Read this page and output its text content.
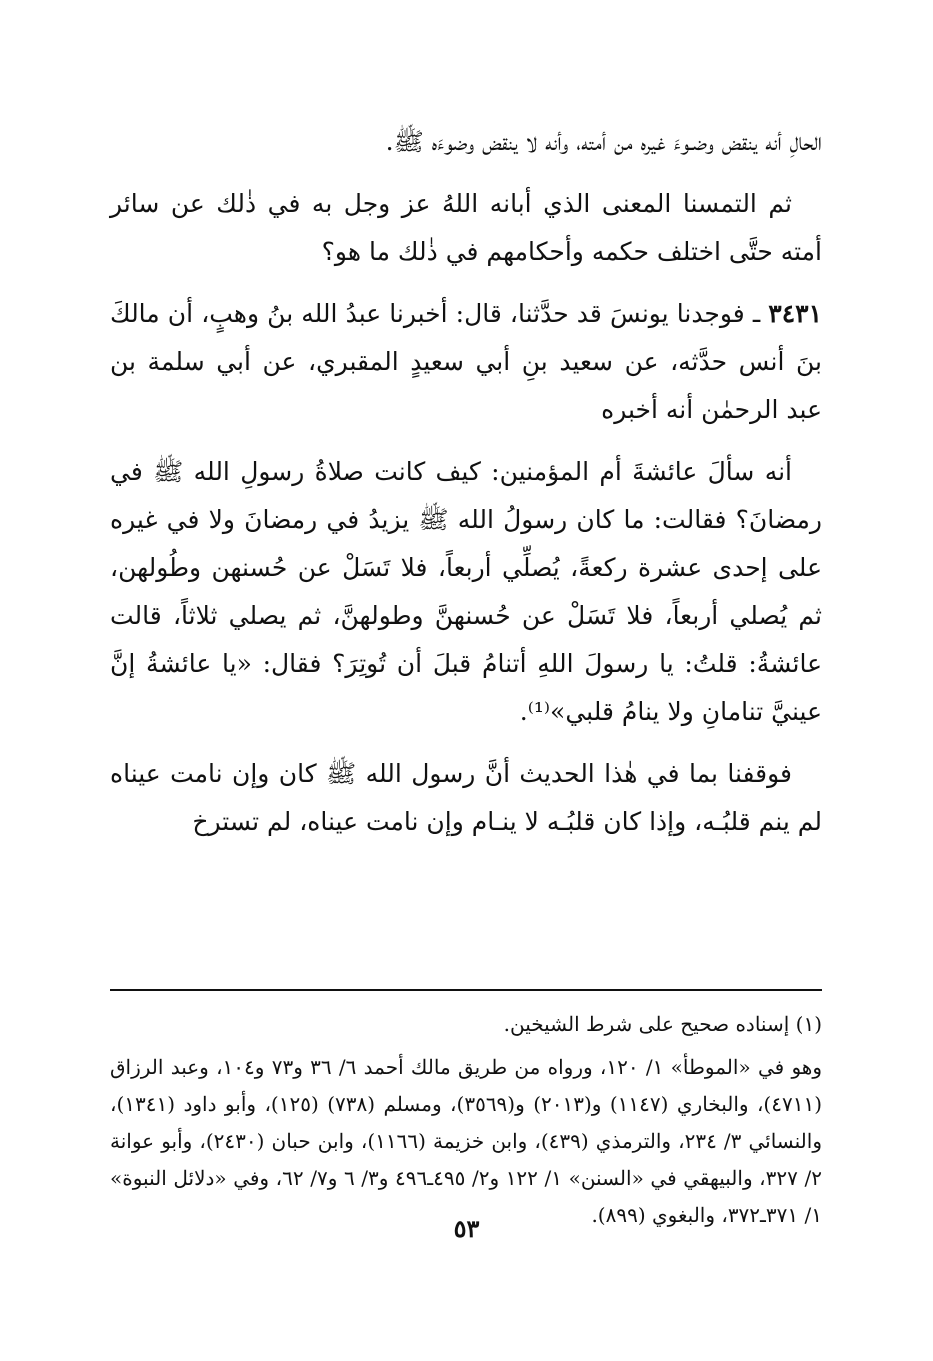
الحالِ أنه ينقض وضـوءَ غيره من أمته، وأنه لا ينقض وضوءَه ﷺ.

ثم التمسنا المعنى الذي أبانه اللهُ عز وجل به في ذٰلك عن سائر أمته حتَّى اختلف حكمه وأحكامهم في ذٰلك ما هو؟

٣٤٣١ ـ فوجدنا يونسَ قد حدَّثنا، قال: أخبرنا عبدُ الله بنُ وهبٍ، أن مالكَ بنَ أنس حدَّثه، عن سعيد بنِ أبي سعيدٍ المقبري، عن أبي سلمة بن عبد الرحمٰن أنه أخبره

أنه سألَ عائشةَ أم المؤمنين: كيف كانت صلاةُ رسولِ الله ﷺ في رمضانَ؟ فقالت: ما كان رسولُ الله ﷺ يزيدُ في رمضانَ ولا في غيره على إحدى عشرة ركعةً، يُصلِّي أربعاً، فلا تَسَلْ عن حُسنهن وطُولهن، ثم يُصلي أربعاً، فلا تَسَلْ عن حُسنهنَّ وطولهنَّ، ثم يصلي ثلاثاً، قالت عائشةُ: قلتُ: يا رسولَ اللهِ أتنامُ قبلَ أن تُوتِرَ؟ فقال: «يا عائشةُ إنَّ عينيَّ تنامانِ ولا ينامُ قلبي»⁽¹⁾.

فوقفنا بما في هٰذا الحديث أنَّ رسول الله ﷺ كان وإن نامت عيناه لم ينم قلبُـه، وإذا كان قلبُـه لا ينـام وإن نامت عيناه، لم تسترخ

(١) إسناده صحيح على شرط الشيخين.

وهو في «الموطأ» ١/ ١٢٠، ورواه من طريق مالك أحمد ٦/ ٣٦ و٧٣ و١٠٤، وعبد الرزاق (٤٧١١)، والبخاري (١١٤٧) و(٢٠١٣) و(٣٥٦٩)، ومسلم (٧٣٨) (١٢٥)، وأبو داود (١٣٤١)، والنسائي ٣/ ٢٣٤، والترمذي (٤٣٩)، وابن خزيمة (١١٦٦)، وابن حبان (٢٤٣٠)، وأبو عوانة ٢/ ٣٢٧، والبيهقي في «السنن» ١/ ١٢٢ و٢/ ٤٩٥ـ٤٩٦ و٣/ ٦ و٧/ ٦٢، وفي «دلائل النبوة» ١/ ٣٧١ـ٣٧٢، والبغوي (٨٩٩).

٥٣
